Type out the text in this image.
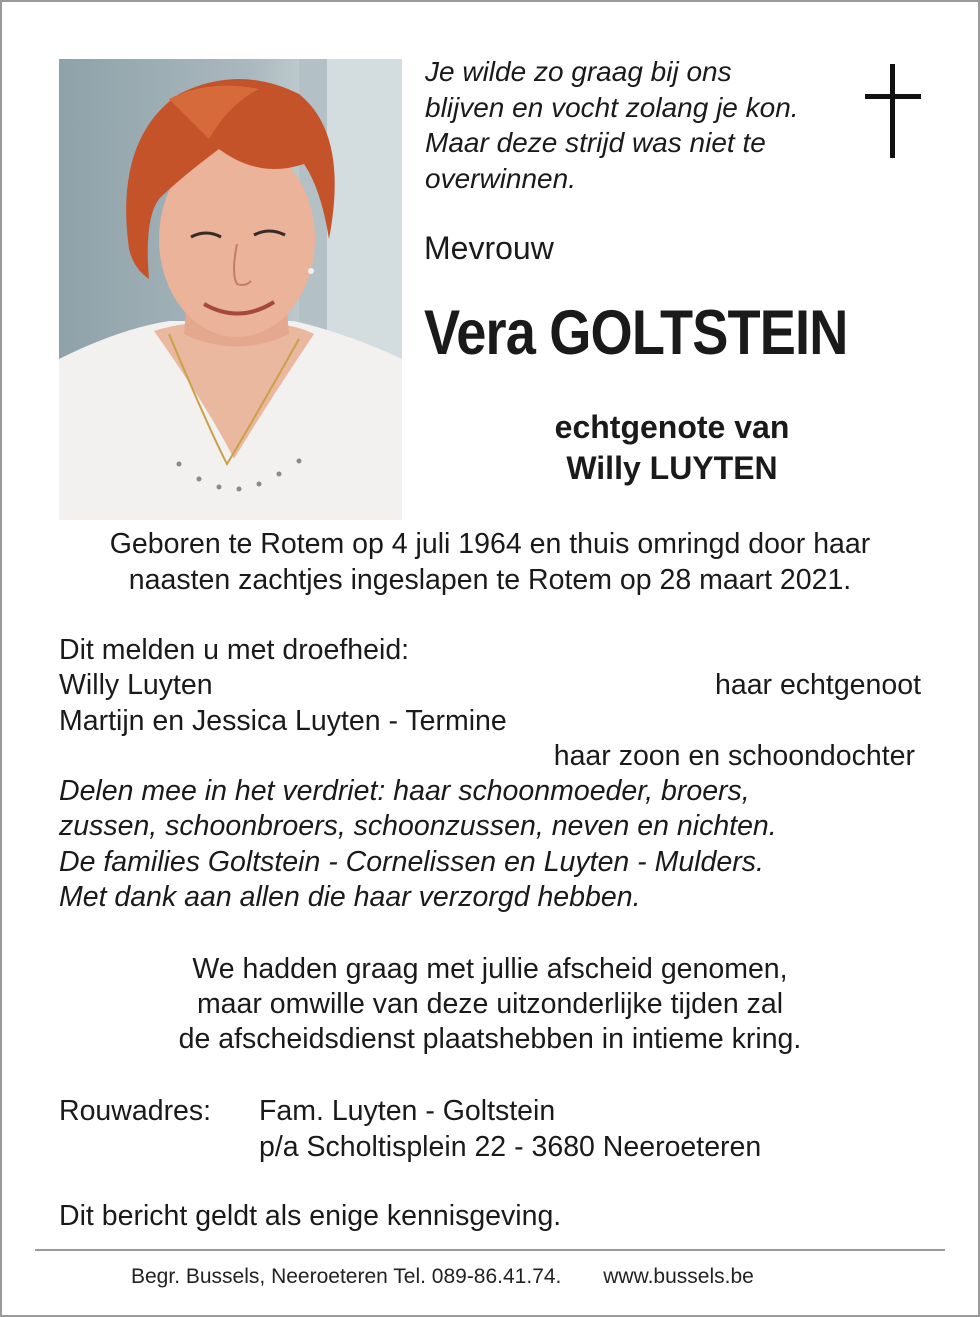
Je wilde zo graag bij ons
blijven en vocht zolang je kon.
Maar deze strijd was niet te
overwinnen.
Mevrouw
Vera GOLTSTEIN
echtgenote van
Willy LUYTEN
Geboren te Rotem op 4 juli 1964 en thuis omringd door haar
naasten zachtjes ingeslapen te Rotem op 28 maart 2021.
Dit melden u met droefheid:
Willy Luyten	haar echtgenoot
Martijn en Jessica Luyten - Termine
haar zoon en schoondochter
Delen mee in het verdriet: haar schoonmoeder, broers,
zussen, schoonbroers, schoonzussen, neven en nichten.
De families Goltstein - Cornelissen en Luyten - Mulders.
Met dank aan allen die haar verzorgd hebben.
We hadden graag met jullie afscheid genomen,
maar omwille van deze uitzonderlijke tijden zal
de afscheidsdienst plaatshebben in intieme kring.
Rouwadres: Fam. Luyten - Goltstein
p/a Scholtisplein 22 - 3680 Neeroeteren
Dit bericht geldt als enige kennisgeving.
Begr. Bussels, Neeroeteren Tel. 089-86.41.74. www.bussels.be
